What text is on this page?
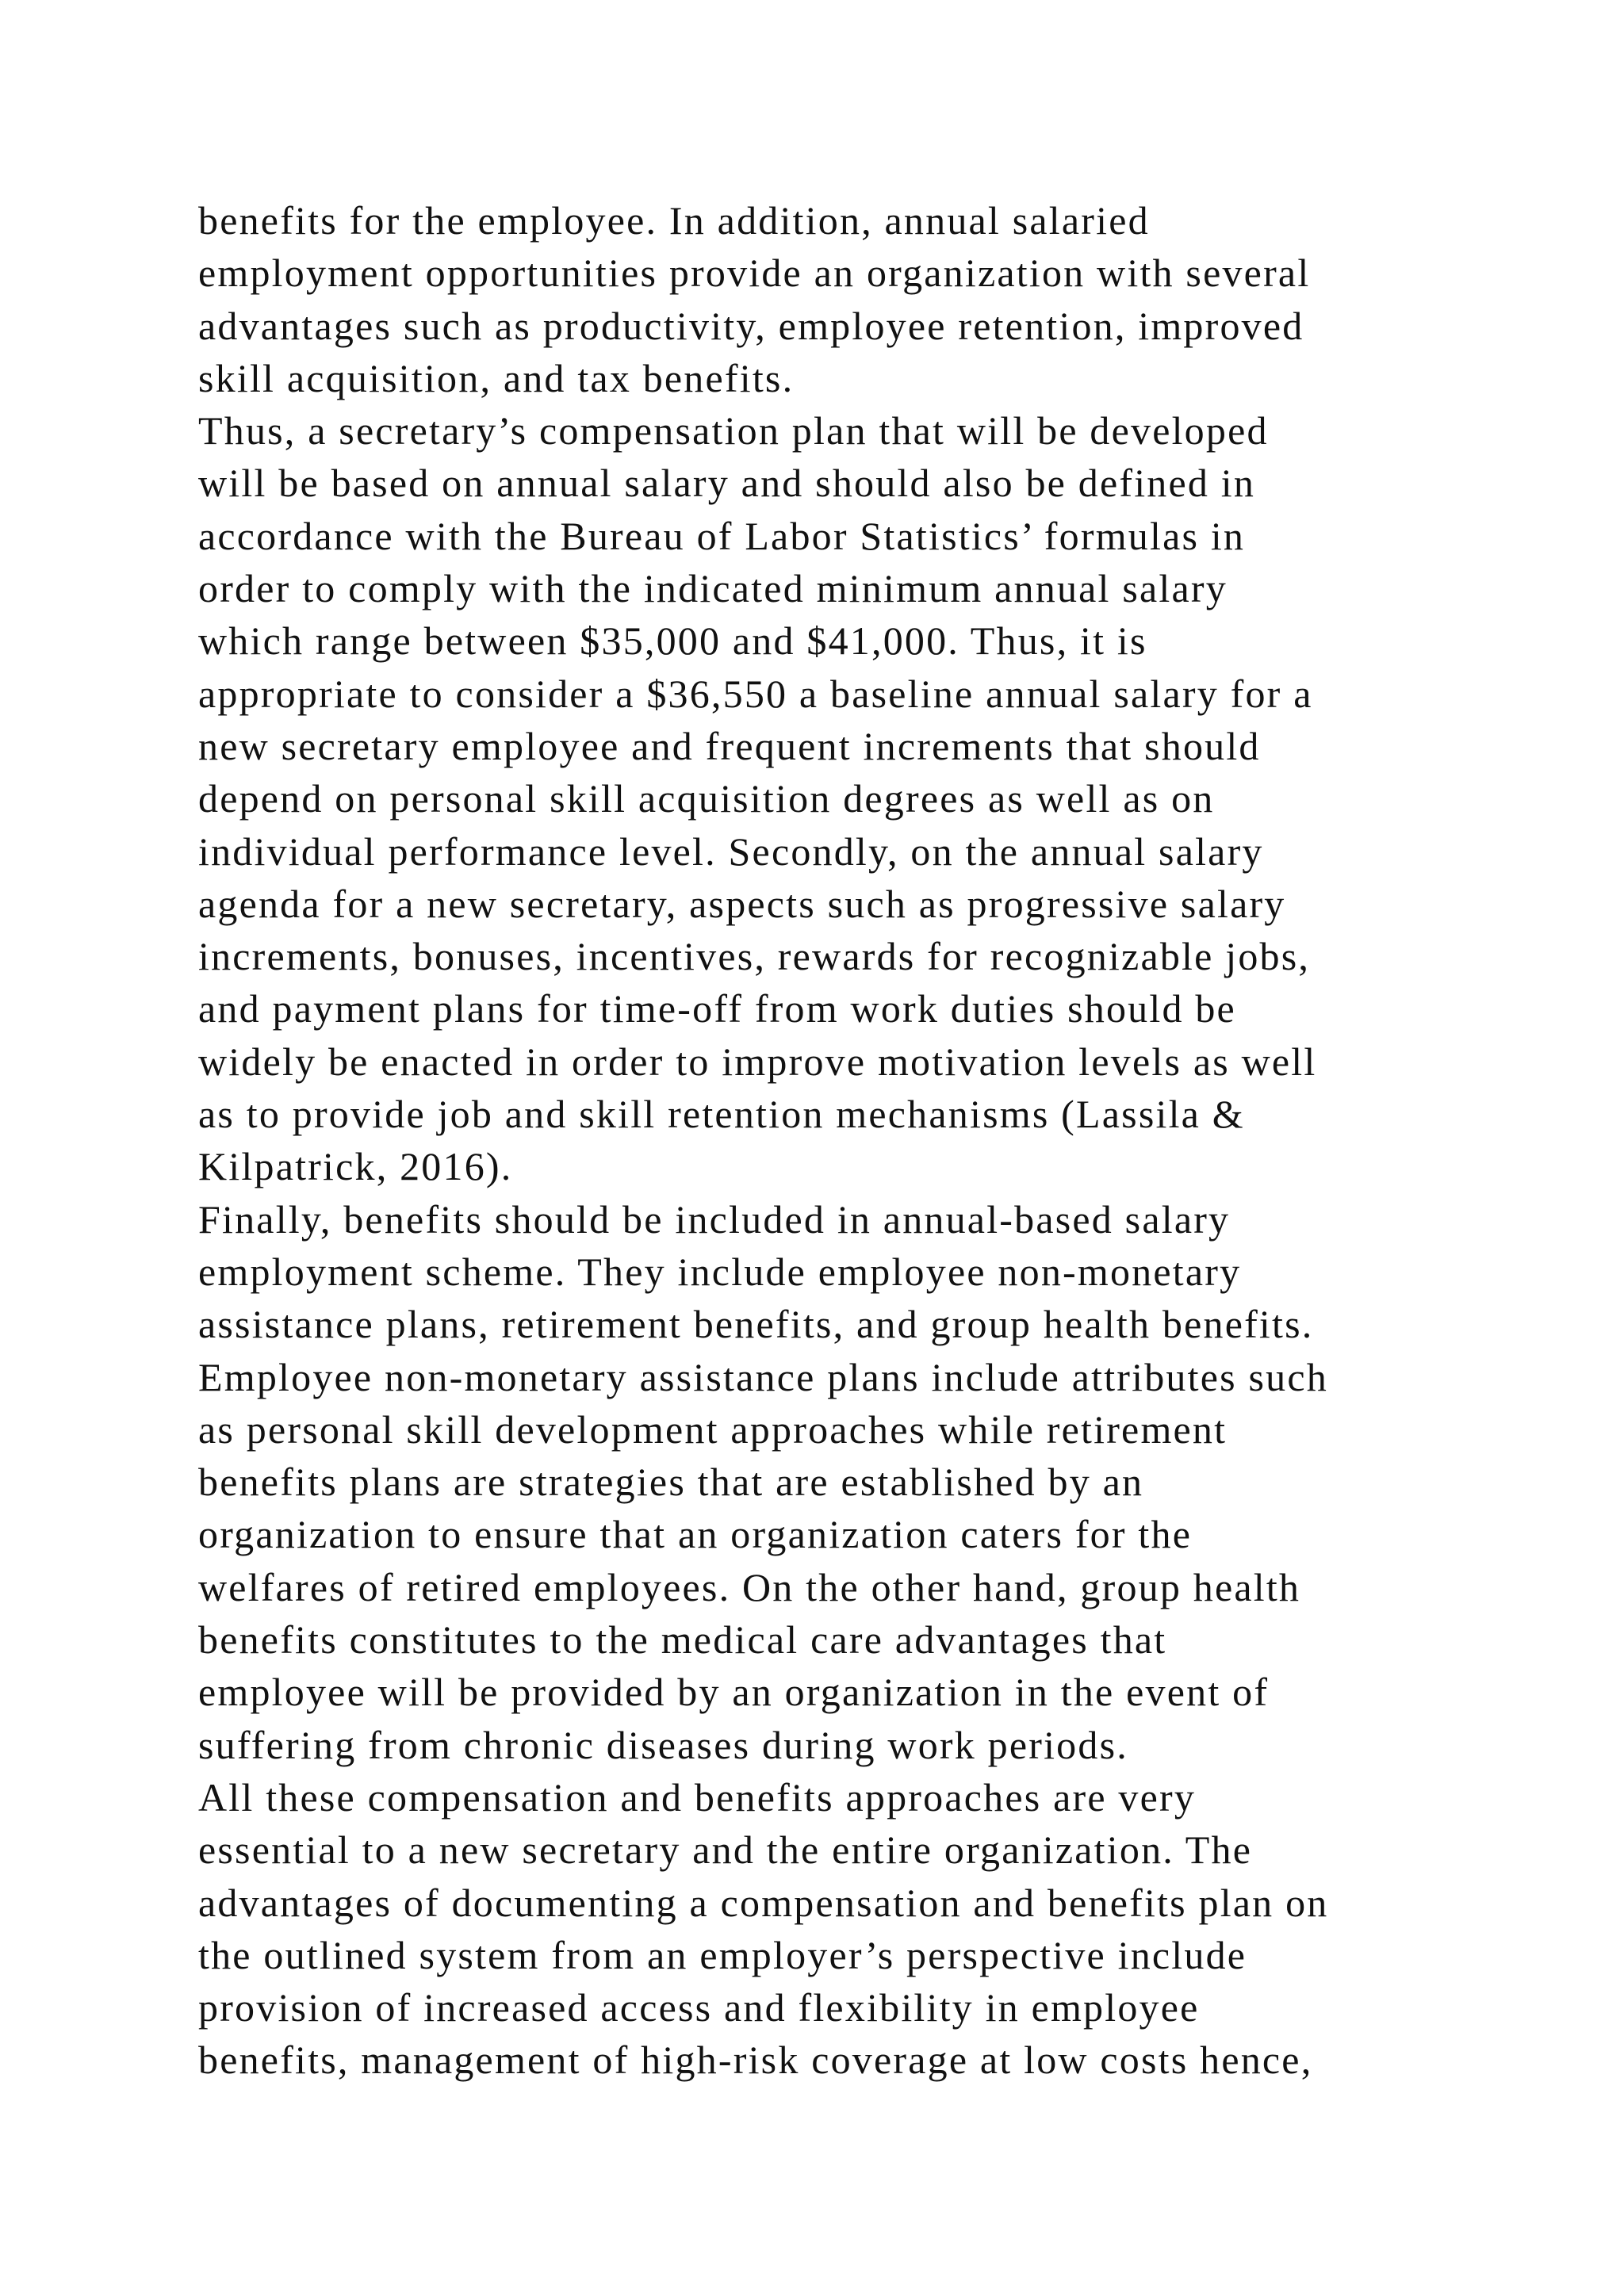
benefits for the employee. In addition, annual salaried
employment opportunities provide an organization with several
advantages such as productivity, employee retention, improved
skill acquisition, and tax benefits.
Thus, a secretary’s compensation plan that will be developed
will be based on annual salary and should also be defined in
accordance with the Bureau of Labor Statistics’ formulas in
order to comply with the indicated minimum annual salary
which range between $35,000 and $41,000. Thus, it is
appropriate to consider a $36,550 a baseline annual salary for a
new secretary employee and frequent increments that should
depend on personal skill acquisition degrees as well as on
individual performance level. Secondly, on the annual salary
agenda for a new secretary, aspects such as progressive salary
increments, bonuses, incentives, rewards for recognizable jobs,
and payment plans for time-off from work duties should be
widely be enacted in order to improve motivation levels as well
as to provide job and skill retention mechanisms (Lassila &
Kilpatrick, 2016).
Finally, benefits should be included in annual-based salary
employment scheme. They include employee non-monetary
assistance plans, retirement benefits, and group health benefits.
Employee non-monetary assistance plans include attributes such
as personal skill development approaches while retirement
benefits plans are strategies that are established by an
organization to ensure that an organization caters for the
welfares of retired employees. On the other hand, group health
benefits constitutes to the medical care advantages that
employee will be provided by an organization in the event of
suffering from chronic diseases during work periods.
All these compensation and benefits approaches are very
essential to a new secretary and the entire organization. The
advantages of documenting a compensation and benefits plan on
the outlined system from an employer’s perspective include
provision of increased access and flexibility in employee
benefits, management of high-risk coverage at low costs hence,
